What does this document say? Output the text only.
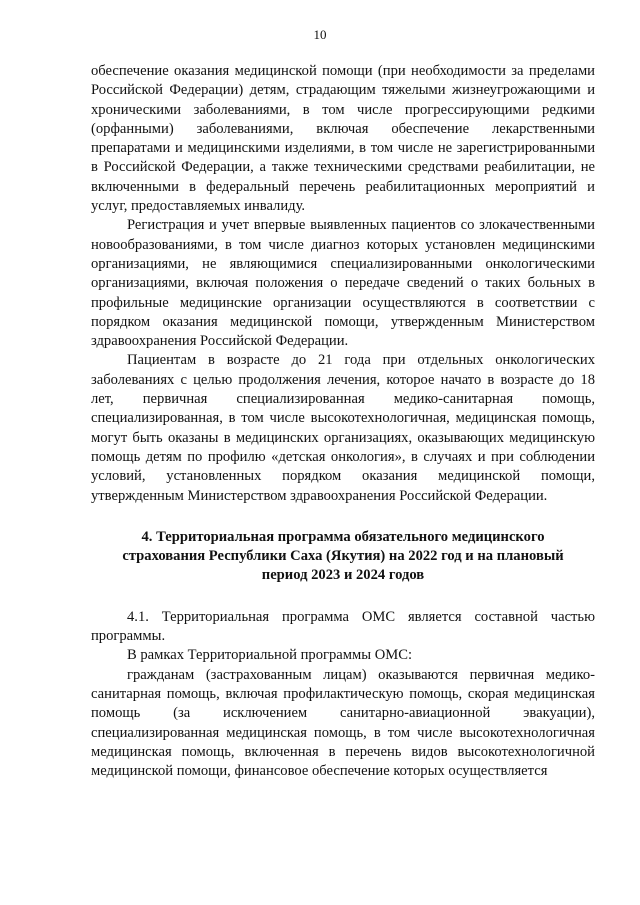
10

обеспечение оказания медицинской помощи (при необходимости за пределами Российской Федерации) детям, страдающим тяжелыми жизнеугрожающими и хроническими заболеваниями, в том числе прогрессирующими редкими (орфанными) заболеваниями, включая обеспечение лекарственными препаратами и медицинскими изделиями, в том числе не зарегистрированными в Российской Федерации, а также техническими средствами реабилитации, не включенными в федеральный перечень реабилитационных мероприятий и услуг, предоставляемых инвалиду.

Регистрация и учет впервые выявленных пациентов со злокачественными новообразованиями, в том числе диагноз которых установлен медицинскими организациями, не являющимися специализированными онкологическими организациями, включая положения о передаче сведений о таких больных в профильные медицинские организации осуществляются в соответствии с порядком оказания медицинской помощи, утвержденным Министерством здравоохранения Российской Федерации.

Пациентам в возрасте до 21 года при отдельных онкологических заболеваниях с целью продолжения лечения, которое начато в возрасте до 18 лет, первичная специализированная медико-санитарная помощь, специализированная, в том числе высокотехнологичная, медицинская помощь, могут быть оказаны в медицинских организациях, оказывающих медицинскую помощь детям по профилю «детская онкология», в случаях и при соблюдении условий, установленных порядком оказания медицинской помощи, утвержденным Министерством здравоохранения Российской Федерации.

4. Территориальная программа обязательного медицинского страхования Республики Саха (Якутия) на 2022 год и на плановый период 2023 и 2024 годов

4.1. Территориальная программа ОМС является составной частью программы.

В рамках Территориальной программы ОМС:

гражданам (застрахованным лицам) оказываются первичная медико-санитарная помощь, включая профилактическую помощь, скорая медицинская помощь (за исключением санитарно-авиационной эвакуации), специализированная медицинская помощь, в том числе высокотехнологичная медицинская помощь, включенная в перечень видов высокотехнологичной медицинской помощи, финансовое обеспечение которых осуществляется
